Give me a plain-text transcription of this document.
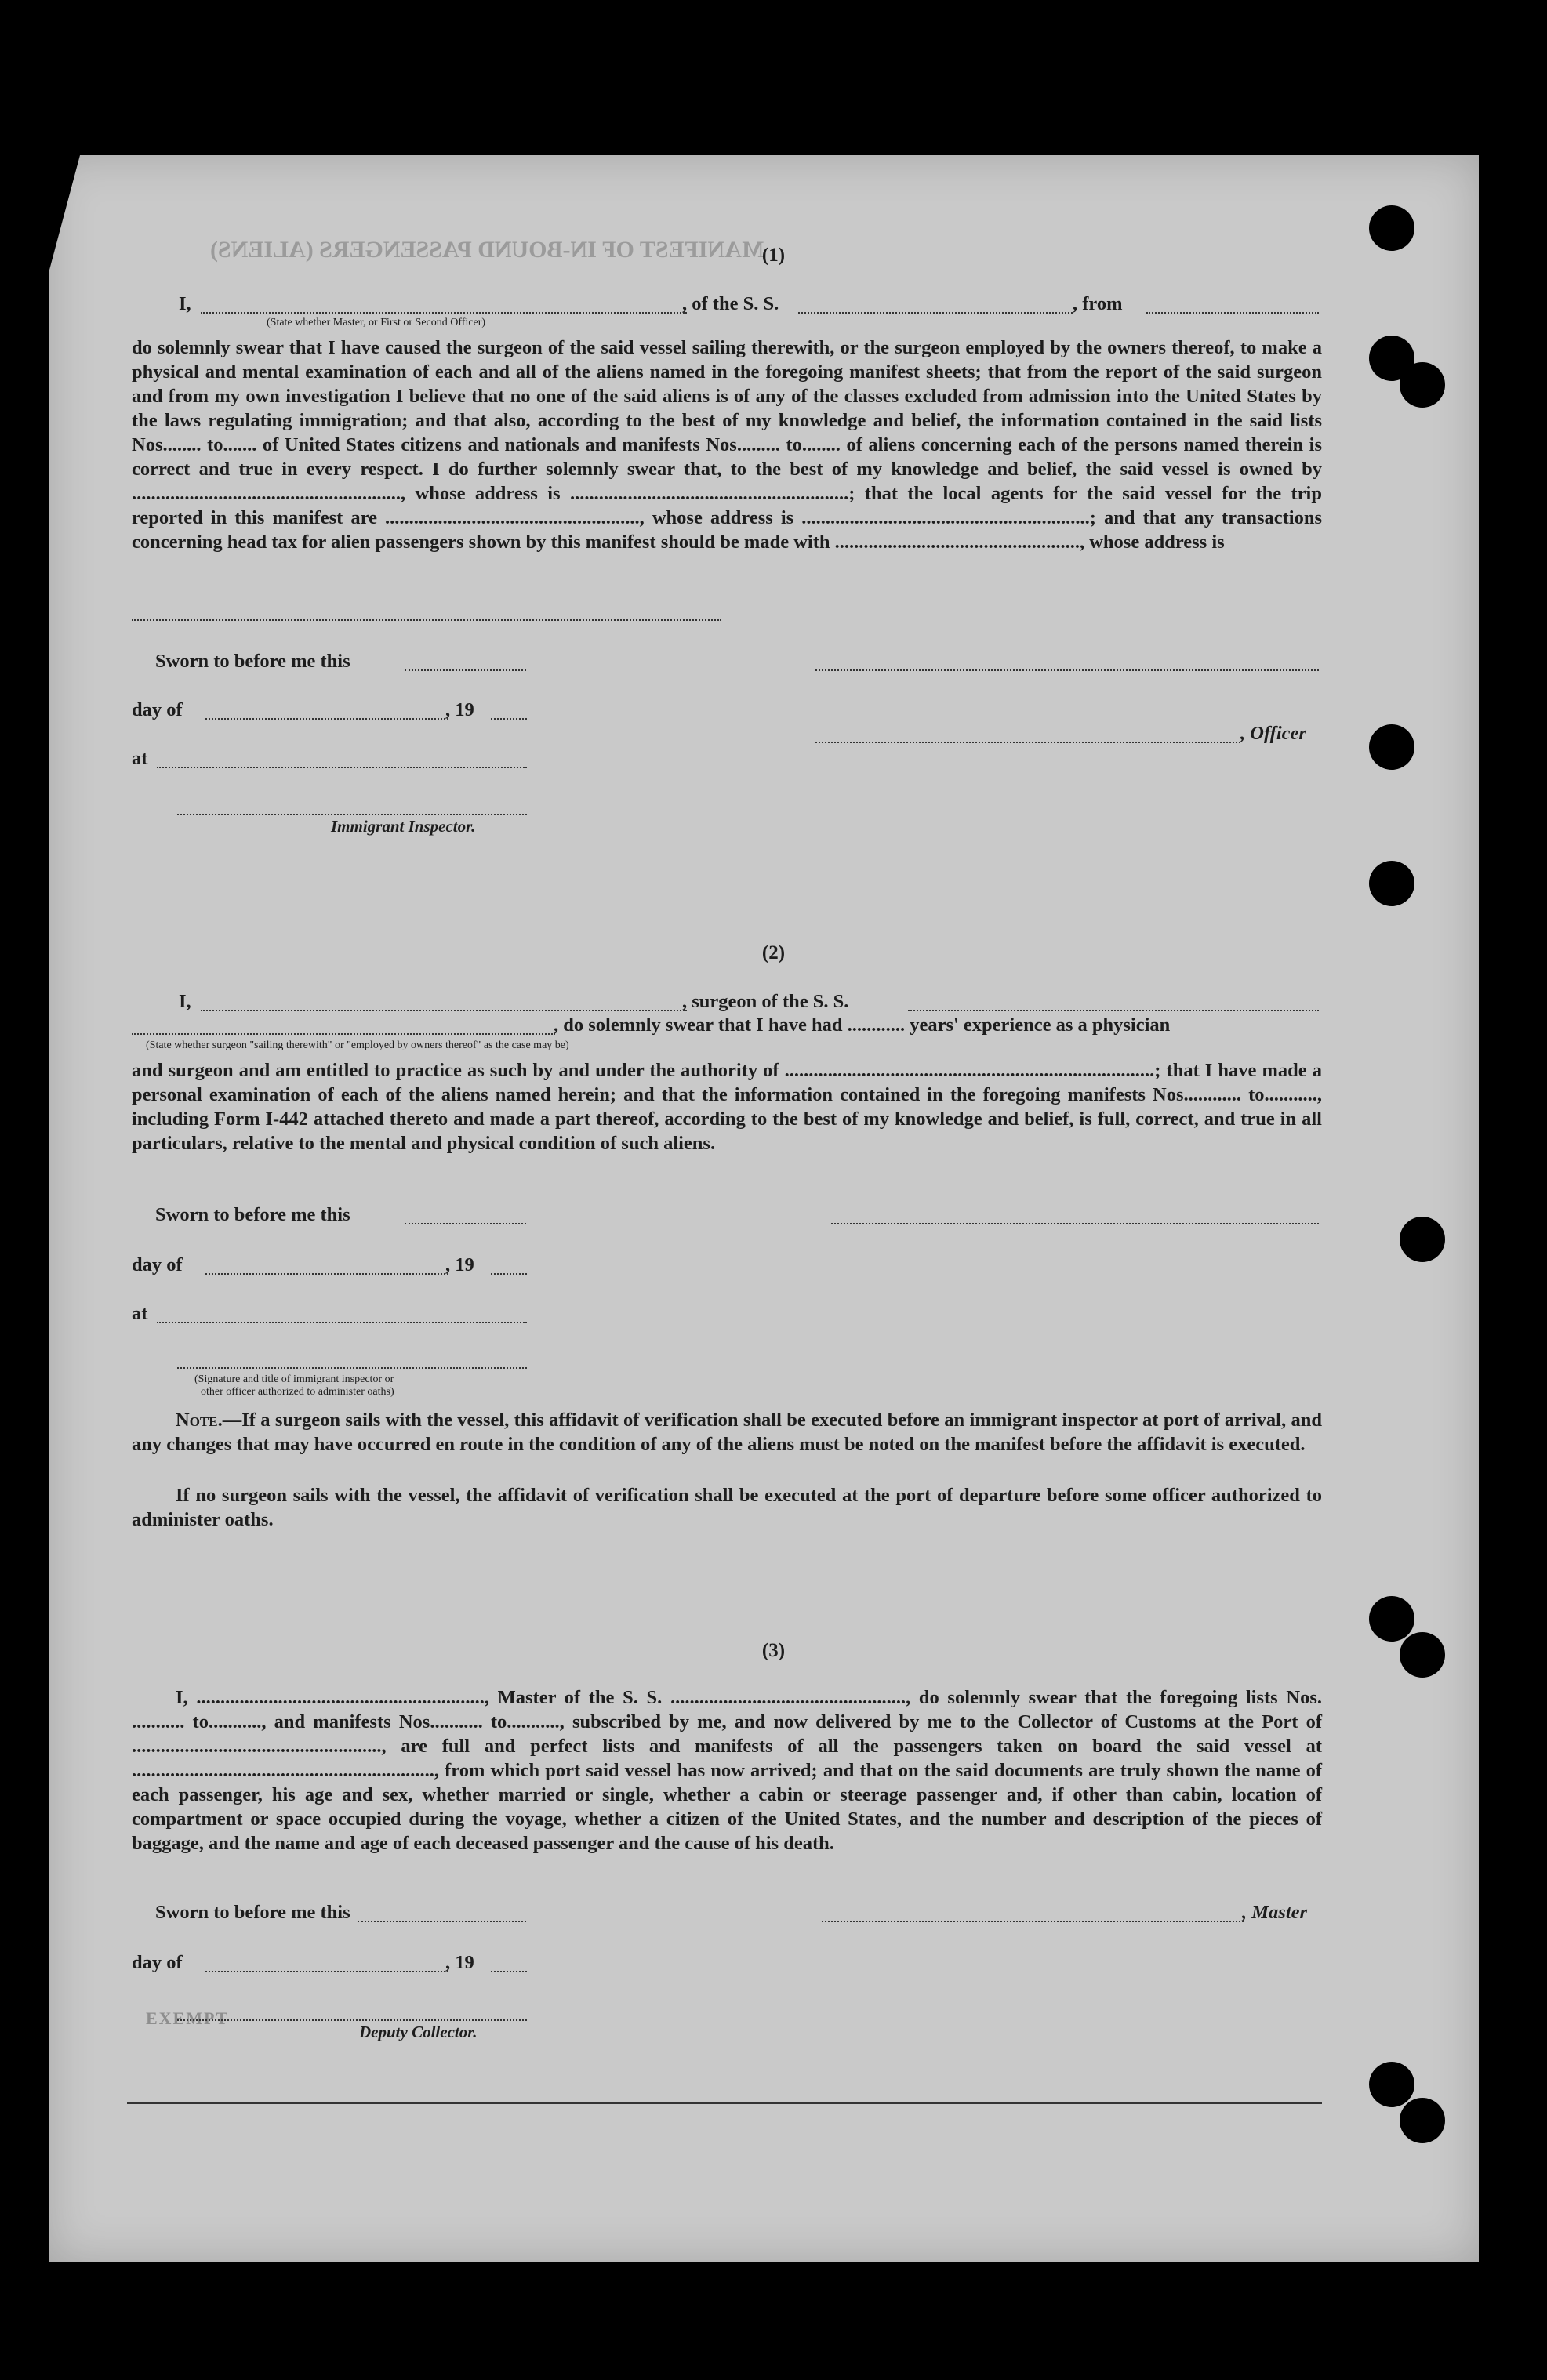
MANIFEST OF IN-BOUND PASSENGERS (ALIENS)
(1)
I,	, of the S. S.	, from
(State whether Master, or First or Second Officer)
do solemnly swear that I have caused the surgeon of the said vessel sailing therewith, or the surgeon employed by the owners thereof, to make a physical and mental examination of each and all of the aliens named in the foregoing manifest sheets; that from the report of the said surgeon and from my own investigation I believe that no one of the said aliens is of any of the classes excluded from admission into the United States by the laws regulating immigration; and that also, according to the best of my knowledge and belief, the information contained in the said lists Nos........ to....... of United States citizens and nationals and manifests Nos......... to........ of aliens concerning each of the persons named therein is correct and true in every respect. I do further solemnly swear that, to the best of my knowledge and belief, the said vessel is owned by ........................................................, whose address is ..........................................................; that the local agents for the said vessel for the trip reported in this manifest are ....................................................., whose address is ............................................................; and that any transactions concerning head tax for alien passengers shown by this manifest should be made with ..................................................., whose address is
Sworn to before me this
day of	, 19
, Officer
at
Immigrant Inspector.
(2)
I,	, surgeon of the S. S.
, do solemnly swear that I have had ............ years' experience as a physician
(State whether surgeon "sailing therewith" or "employed by owners thereof" as the case may be)
and surgeon and am entitled to practice as such by and under the authority of .............................................................................; that I have made a personal examination of each of the aliens named herein; and that the information contained in the foregoing manifests Nos............ to..........., including Form I-442 attached thereto and made a part thereof, according to the best of my knowledge and belief, is full, correct, and true in all particulars, relative to the mental and physical condition of such aliens.
Sworn to before me this
day of	, 19
at
(Signature and title of immigrant inspector or
other officer authorized to administer oaths)
Note.—If a surgeon sails with the vessel, this affidavit of verification shall be executed before an immigrant inspector at port of arrival, and any changes that may have occurred en route in the condition of any of the aliens must be noted on the manifest before the affidavit is executed.
If no surgeon sails with the vessel, the affidavit of verification shall be executed at the port of departure before some officer authorized to administer oaths.
(3)
I, ............................................................, Master of the S. S. ................................................., do solemnly swear that the foregoing lists Nos. ........... to..........., and manifests Nos........... to..........., subscribed by me, and now delivered by me to the Collector of Customs at the Port of ...................................................., are full and perfect lists and manifests of all the passengers taken on board the said vessel at ..............................................................., from which port said vessel has now arrived; and that on the said documents are truly shown the name of each passenger, his age and sex, whether married or single, whether a cabin or steerage passenger and, if other than cabin, location of compartment or space occupied during the voyage, whether a citizen of the United States, and the number and description of the pieces of baggage, and the name and age of each deceased passenger and the cause of his death.
Sworn to before me this	, Master
day of	, 19
EXEMPT
Deputy Collector.
